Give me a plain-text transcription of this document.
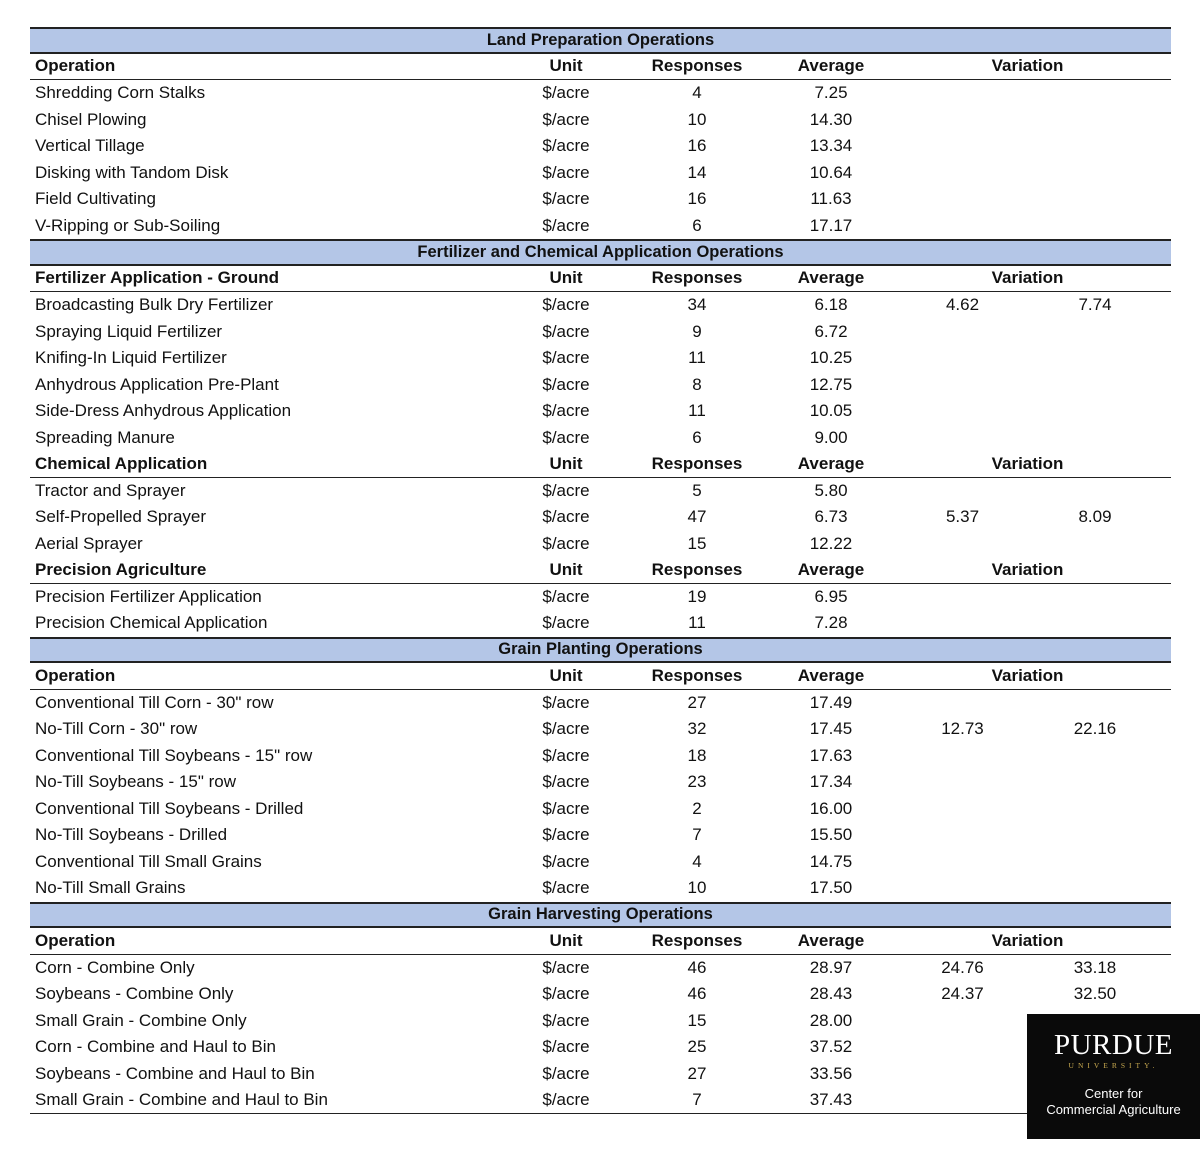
Land Preparation Operations
Operation	Unit	Responses	Average	Variation
Shredding Corn Stalks	$/acre	4	7.25
Chisel Plowing	$/acre	10	14.30
Vertical Tillage	$/acre	16	13.34
Disking with Tandom Disk	$/acre	14	10.64
Field Cultivating	$/acre	16	11.63
V-Ripping or Sub-Soiling	$/acre	6	17.17
Fertilizer and Chemical Application Operations
Fertilizer Application - Ground	Unit	Responses	Average	Variation
Broadcasting Bulk Dry Fertilizer	$/acre	34	6.18	4.62	7.74
Spraying Liquid Fertilizer	$/acre	9	6.72
Knifing-In Liquid Fertilizer	$/acre	11	10.25
Anhydrous Application Pre-Plant	$/acre	8	12.75
Side-Dress Anhydrous Application	$/acre	11	10.05
Spreading Manure	$/acre	6	9.00
Chemical Application	Unit	Responses	Average	Variation
Tractor and Sprayer	$/acre	5	5.80
Self-Propelled Sprayer	$/acre	47	6.73	5.37	8.09
Aerial Sprayer	$/acre	15	12.22
Precision Agriculture	Unit	Responses	Average	Variation
Precision Fertilizer Application	$/acre	19	6.95
Precision Chemical Application	$/acre	11	7.28
Grain Planting Operations
Operation	Unit	Responses	Average	Variation
Conventional Till Corn - 30" row	$/acre	27	17.49
No-Till Corn - 30" row	$/acre	32	17.45	12.73	22.16
Conventional Till Soybeans - 15" row	$/acre	18	17.63
No-Till Soybeans - 15" row	$/acre	23	17.34
Conventional Till Soybeans - Drilled	$/acre	2	16.00
No-Till Soybeans - Drilled	$/acre	7	15.50
Conventional Till Small Grains	$/acre	4	14.75
No-Till Small Grains	$/acre	10	17.50
Grain Harvesting Operations
Operation	Unit	Responses	Average	Variation
Corn - Combine Only	$/acre	46	28.97	24.76	33.18
Soybeans - Combine Only	$/acre	46	28.43	24.37	32.50
Small Grain - Combine Only	$/acre	15	28.00
Corn - Combine and Haul to Bin	$/acre	25	37.52
Soybeans - Combine and Haul to Bin	$/acre	27	33.56
Small Grain - Combine and Haul to Bin	$/acre	7	37.43
PURDUE
UNIVERSITY.
Center for
Commercial Agriculture
